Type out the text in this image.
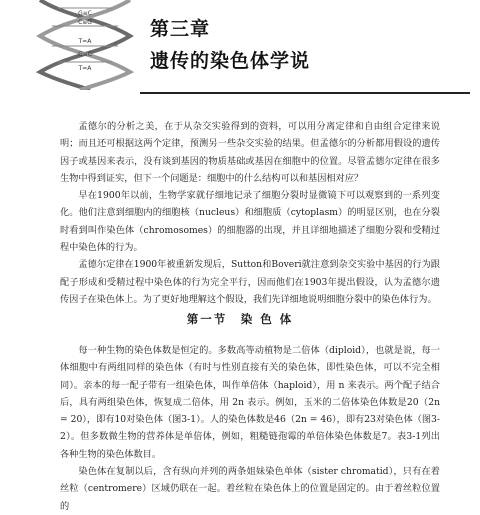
G≡C
C≡G
T=A
G≡C
T=A
第三章
遗传的染色体学说

孟德尔的分析之美，在于从杂交实验得到的资料，可以用分离定律和自由组合定律来说明；而且还可根据这两个定律，预测另一些杂交实验的结果。但孟德尔的分析都用假设的遗传因子或基因来表示，没有谈到基因的物质基础或基因在细胞中的位置。尽管孟德尔定律在很多生物中得到证实，但下一个问题是：细胞中的什么结构可以和基因相对应？

早在1900年以前，生物学家就仔细地记录了细胞分裂时显微镜下可以观察到的一系列变化。他们注意到细胞内的细胞核（nucleus）和细胞质（cytoplasm）的明显区别，也在分裂时看到叫作染色体（chromosomes）的细胞器的出现，并且详细地描述了细胞分裂和受精过程中染色体的行为。

孟德尔定律在1900年被重新发现后，Sutton和Boveri就注意到杂交实验中基因的行为跟配子形成和受精过程中染色体的行为完全平行，因而他们在1903年提出假设，认为孟德尔遗传因子在染色体上。为了更好地理解这个假设，我们先详细地说明细胞分裂中的染色体行为。

第一节　染 色 体

每一种生物的染色体数是恒定的。多数高等动植物是二倍体（diploid），也就是说，每一体细胞中有两组同样的染色体（有时与性别直接有关的染色体，即性染色体，可以不完全相同）。亲本的每一配子带有一组染色体，叫作单倍体（haploid），用 n 来表示。两个配子结合后，具有两组染色体，恢复成二倍体，用 2n 表示。例如，玉米的二倍体染色体数是20（2n = 20），即有10对染色体（图3-1）。人的染色体数是46（2n = 46），即有23对染色体（图3-2）。但多数微生物的营养体是单倍体，例如，粗糙链孢霉的单倍体染色体数是7。表3-1列出各种生物的染色体数目。

染色体在复制以后，含有纵向并列的两条姐妹染色单体（sister chromatid），只有在着丝粒（centromere）区域仍联在一起。着丝粒在染色体上的位置是固定的。由于着丝粒位置的
